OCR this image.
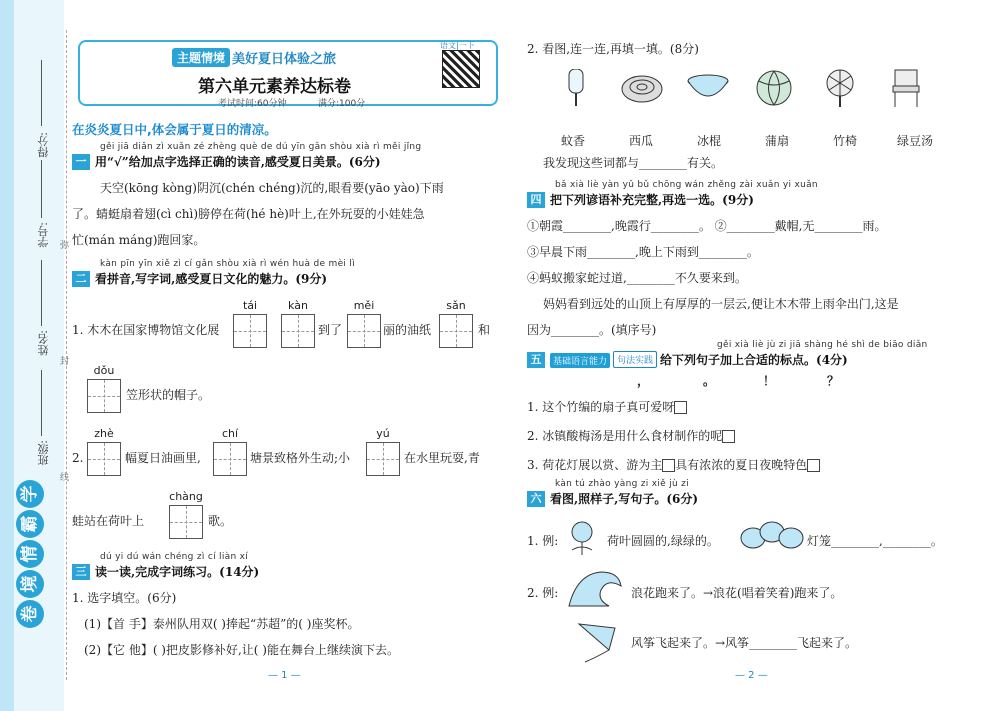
得分:
学号:
姓名:
班级:
弥
封
线
学
霸
情
境
卷
主题情境 美好夏日体验之旅
语文|一下
第六单元素养达标卷
考试时间:60分钟	满分:100分
在炎炎夏日中,体会属于夏日的清凉。
gěi jiā diǎn zì xuǎn zé zhèng què de dú yīn gǎn shòu xià rì měi jǐng
一 用“√”给加点字选择正确的读音,感受夏日美景。(6分)
天空(kōng kòng)阴沉(chén chéng)沉的,眼看要(yāo yào)下雨
了。蜻蜓扇着翅(cì chì)膀停在荷(hé hè)叶上,在外玩耍的小娃娃急
忙(mán máng)跑回家。
kàn pīn yīn xiě zì cí gǎn shòu xià rì wén huà de mèi lì
二 看拼音,写字词,感受夏日文化的魅力。(9分)
1. 木木在国家博物馆文化展
tái	kàn
到了
měi
丽的油纸
sǎn
和
dǒu
笠形状的帽子。
2.
zhè
幅夏日油画里,
chí
塘景致格外生动;小
yú
在水里玩耍,青
蛙站在荷叶上
chàng
歌。
dú yi dú wán chéng zì cí liàn xí
三 读一读,完成字词练习。(14分)
1. 选字填空。(6分)
(1)【首 手】泰州队用双( )捧起“苏超”的( )座奖杯。
(2)【它 他】( )把皮影修补好,让( )能在舞台上继续演下去。
— 1 —
2. 看图,连一连,再填一填。(8分)
蚊香	西瓜	冰棍	蒲扇	竹椅	绿豆汤
我发现这些词都与________有关。
bǎ xià liè yàn yǔ bǔ chōng wán zhěng zài xuǎn yi xuǎn
四 把下列谚语补充完整,再选一选。(9分)
①朝霞________,晚霞行________。 ②________戴帽,无________雨。
③早晨下雨________,晚上下雨到________。
④蚂蚁搬家蛇过道,________不久要来到。
妈妈看到远处的山顶上有厚厚的一层云,便让木木带上雨伞出门,这是
因为________。(填序号)
gěi xià liè jù zi jiā shàng hé shì de biāo diǎn
五	基础语言能力	句法实践 给下列句子加上合适的标点。(4分)
，	。	！	？
1. 这个竹编的扇子真可爱呀
2. 冰镇酸梅汤是用什么食材制作的呢
3. 荷花灯展以赏、游为主 具有浓浓的夏日夜晚特色
kàn tú zhào yàng zi xiě jù zi
六 看图,照样子,写句子。(6分)
1. 例:	荷叶圆圆的,绿绿的。	灯笼________,________。
2. 例:	浪花跑来了。→浪花(唱着笑着)跑来了。
风筝飞起来了。→风筝________飞起来了。
— 2 —
